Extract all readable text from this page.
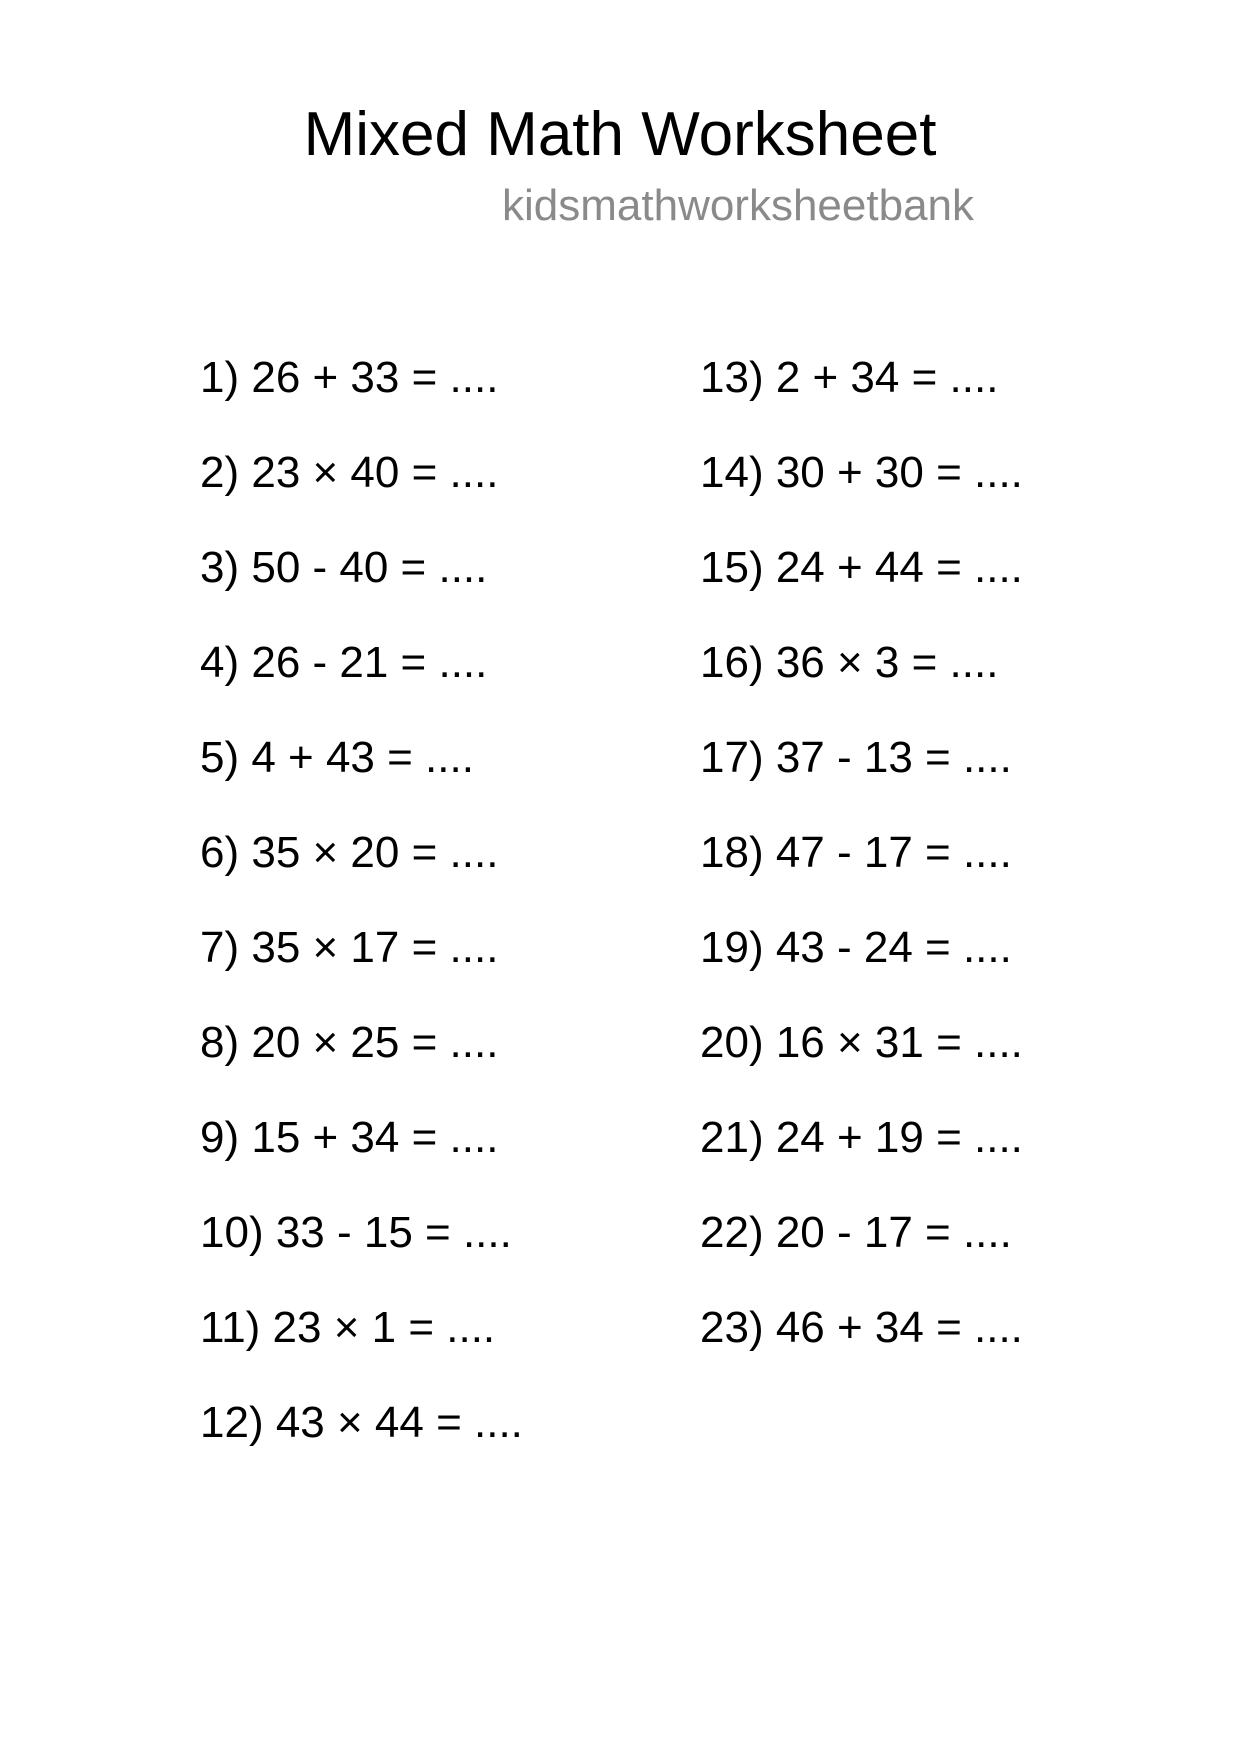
Mixed Math Worksheet
kidsmathworksheetbank
1) 26 + 33 = ....
2) 23 × 40 = ....
3) 50 - 40 = ....
4) 26 - 21 = ....
5) 4 + 43 = ....
6) 35 × 20 = ....
7) 35 × 17 = ....
8) 20 × 25 = ....
9) 15 + 34 = ....
10) 33 - 15 = ....
11) 23 × 1 = ....
12) 43 × 44 = ....
13) 2 + 34 = ....
14) 30 + 30 = ....
15) 24 + 44 = ....
16) 36 × 3 = ....
17) 37 - 13 = ....
18) 47 - 17 = ....
19) 43 - 24 = ....
20) 16 × 31 = ....
21) 24 + 19 = ....
22) 20 - 17 = ....
23) 46 + 34 = ....
